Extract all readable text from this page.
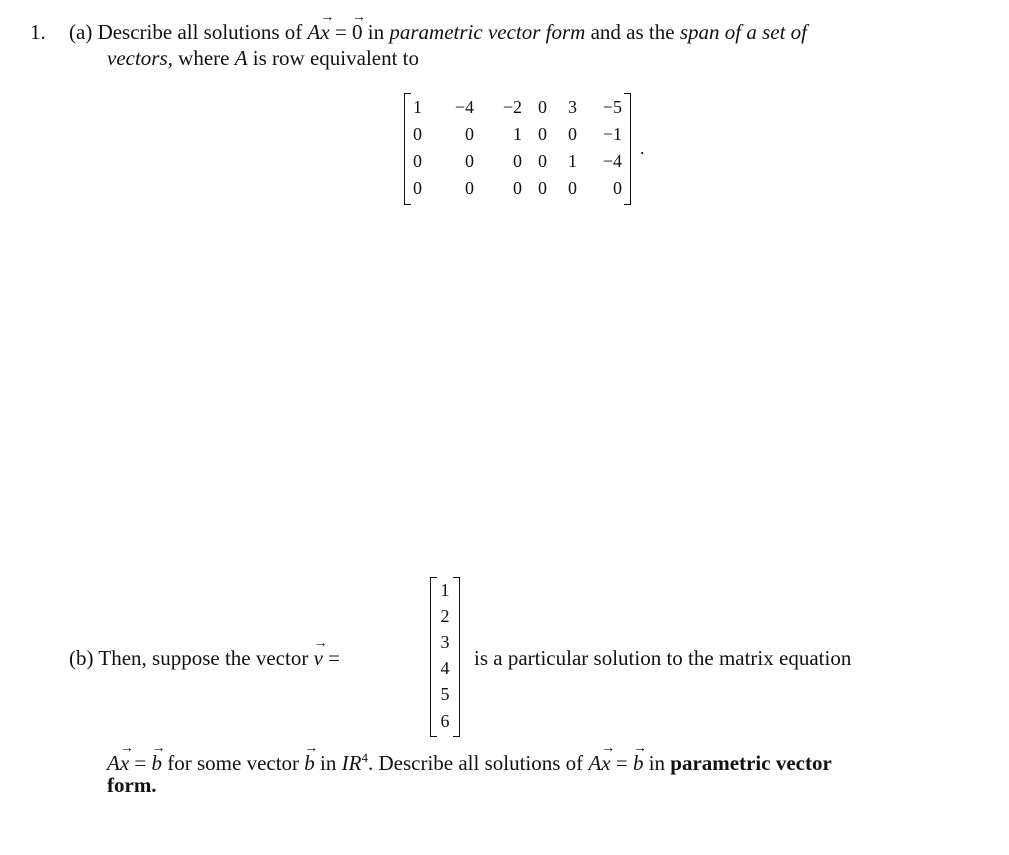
1. (a) Describe all solutions of A→ x = → 0 in parametric vector form and as the span of a set of
vectors, where A is row equivalent to
1	−4	−2 0	3	−5
0	0	1 0	0	−1
0	0	0 0	1	−4
0	0	0 0	0	0
.
(b) Then, suppose the vector → v =
1
2
3
4
5
6
is a particular solution to the matrix equation
A→ x = → b for some vector → b in $IR^4$. Describe all solutions of A→ x = → b in parametric vector
form.
